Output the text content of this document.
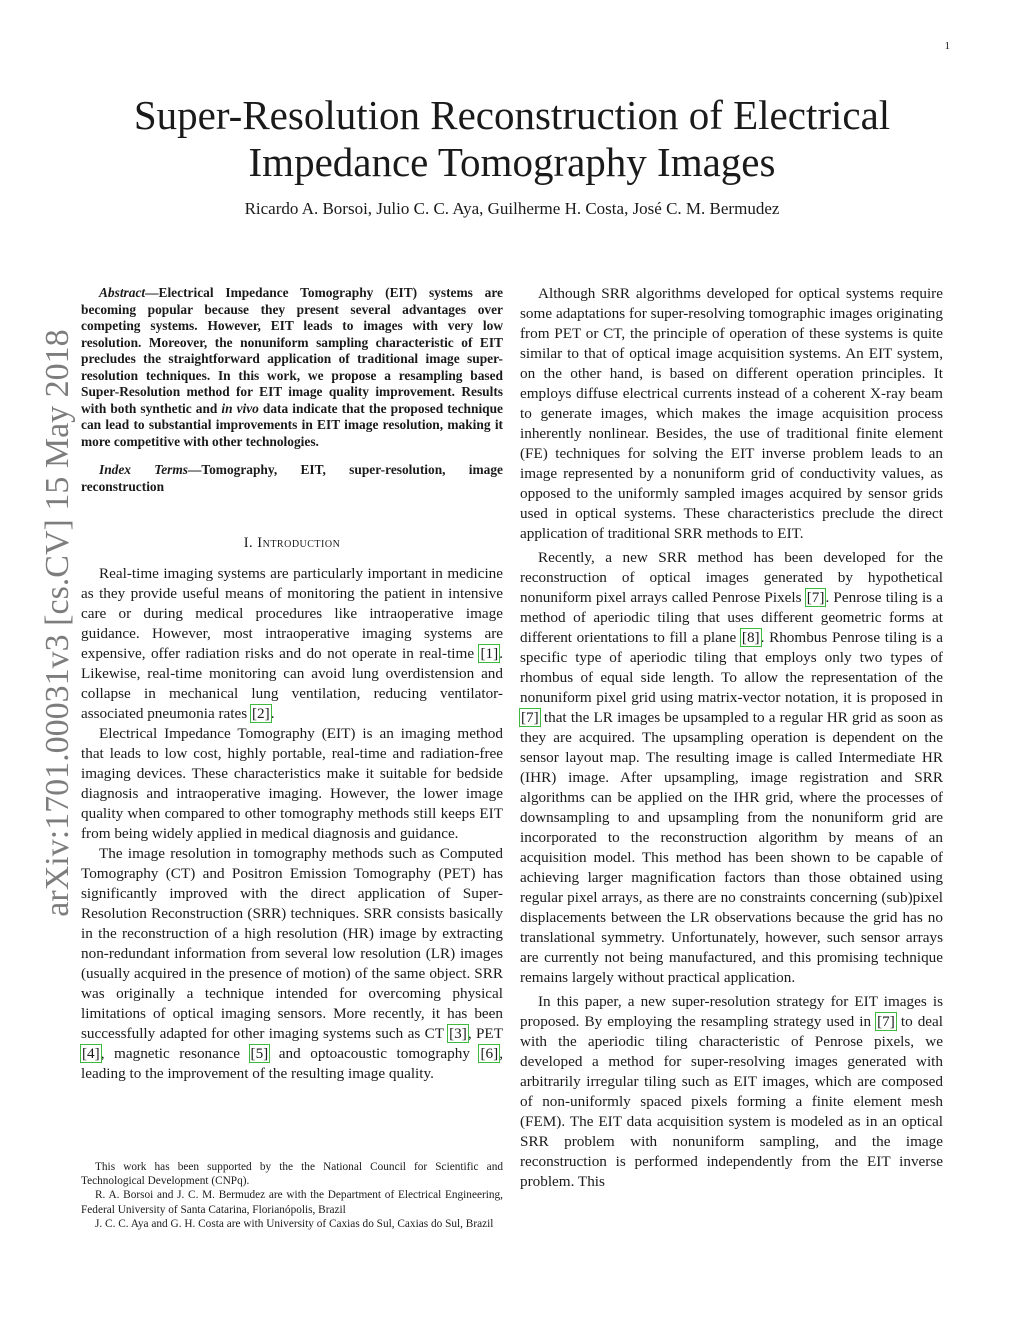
1
Super-Resolution Reconstruction of Electrical Impedance Tomography Images
Ricardo A. Borsoi, Julio C. C. Aya, Guilherme H. Costa, José C. M. Bermudez
arXiv:1701.00031v3 [cs.CV] 15 May 2018

Abstract—Electrical Impedance Tomography (EIT) systems are becoming popular because they present several advantages over competing systems. However, EIT leads to images with very low resolution. Moreover, the nonuniform sampling characteristic of EIT precludes the straightforward application of traditional image super-resolution techniques. In this work, we propose a resampling based Super-Resolution method for EIT image quality improvement. Results with both synthetic and in vivo data indicate that the proposed technique can lead to substantial improvements in EIT image resolution, making it more competitive with other technologies.

Index Terms—Tomography, EIT, super-resolution, image reconstruction

I. Introduction

Real-time imaging systems are particularly important in medicine as they provide useful means of monitoring the patient in intensive care or during medical procedures like intraoperative image guidance. However, most intraoperative imaging systems are expensive, offer radiation risks and do not operate in real-time [1]. Likewise, real-time monitoring can avoid lung overdistension and collapse in mechanical lung ventilation, reducing ventilator-associated pneumonia rates [2].

Electrical Impedance Tomography (EIT) is an imaging method that leads to low cost, highly portable, real-time and radiation-free imaging devices. These characteristics make it suitable for bedside diagnosis and intraoperative imaging. However, the lower image quality when compared to other tomography methods still keeps EIT from being widely applied in medical diagnosis and guidance.

The image resolution in tomography methods such as Computed Tomography (CT) and Positron Emission Tomography (PET) has significantly improved with the direct application of Super-Resolution Reconstruction (SRR) techniques. SRR consists basically in the reconstruction of a high resolution (HR) image by extracting non-redundant information from several low resolution (LR) images (usually acquired in the presence of motion) of the same object. SRR was originally a technique intended for overcoming physical limitations of optical imaging sensors. More recently, it has been successfully adapted for other imaging systems such as CT [3], PET [4], magnetic resonance [5] and optoacoustic tomography [6], leading to the improvement of the resulting image quality.

This work has been supported by the the National Council for Scientific and Technological Development (CNPq).

R. A. Borsoi and J. C. M. Bermudez are with the Department of Electrical Engineering, Federal University of Santa Catarina, Florianópolis, Brazil

J. C. C. Aya and G. H. Costa are with University of Caxias do Sul, Caxias do Sul, Brazil

Although SRR algorithms developed for optical systems require some adaptations for super-resolving tomographic images originating from PET or CT, the principle of operation of these systems is quite similar to that of optical image acquisition systems. An EIT system, on the other hand, is based on different operation principles. It employs diffuse electrical currents instead of a coherent X-ray beam to generate images, which makes the image acquisition process inherently nonlinear. Besides, the use of traditional finite element (FE) techniques for solving the EIT inverse problem leads to an image represented by a nonuniform grid of conductivity values, as opposed to the uniformly sampled images acquired by sensor grids used in optical systems. These characteristics preclude the direct application of traditional SRR methods to EIT.

Recently, a new SRR method has been developed for the reconstruction of optical images generated by hypothetical nonuniform pixel arrays called Penrose Pixels [7]. Penrose tiling is a method of aperiodic tiling that uses different geometric forms at different orientations to fill a plane [8]. Rhombus Penrose tiling is a specific type of aperiodic tiling that employs only two types of rhombus of equal side length. To allow the representation of the nonuniform pixel grid using matrix-vector notation, it is proposed in [7] that the LR images be upsampled to a regular HR grid as soon as they are acquired. The upsampling operation is dependent on the sensor layout map. The resulting image is called Intermediate HR (IHR) image. After upsampling, image registration and SRR algorithms can be applied on the IHR grid, where the processes of downsampling to and upsampling from the nonuniform grid are incorporated to the reconstruction algorithm by means of an acquisition model. This method has been shown to be capable of achieving larger magnification factors than those obtained using regular pixel arrays, as there are no constraints concerning (sub)pixel displacements between the LR observations because the grid has no translational symmetry. Unfortunately, however, such sensor arrays are currently not being manufactured, and this promising technique remains largely without practical application.

In this paper, a new super-resolution strategy for EIT images is proposed. By employing the resampling strategy used in [7] to deal with the aperiodic tiling characteristic of Penrose pixels, we developed a method for super-resolving images generated with arbitrarily irregular tiling such as EIT images, which are composed of non-uniformly spaced pixels forming a finite element mesh (FEM). The EIT data acquisition system is modeled as in an optical SRR problem with nonuniform sampling, and the image reconstruction is performed independently from the EIT inverse problem. This
